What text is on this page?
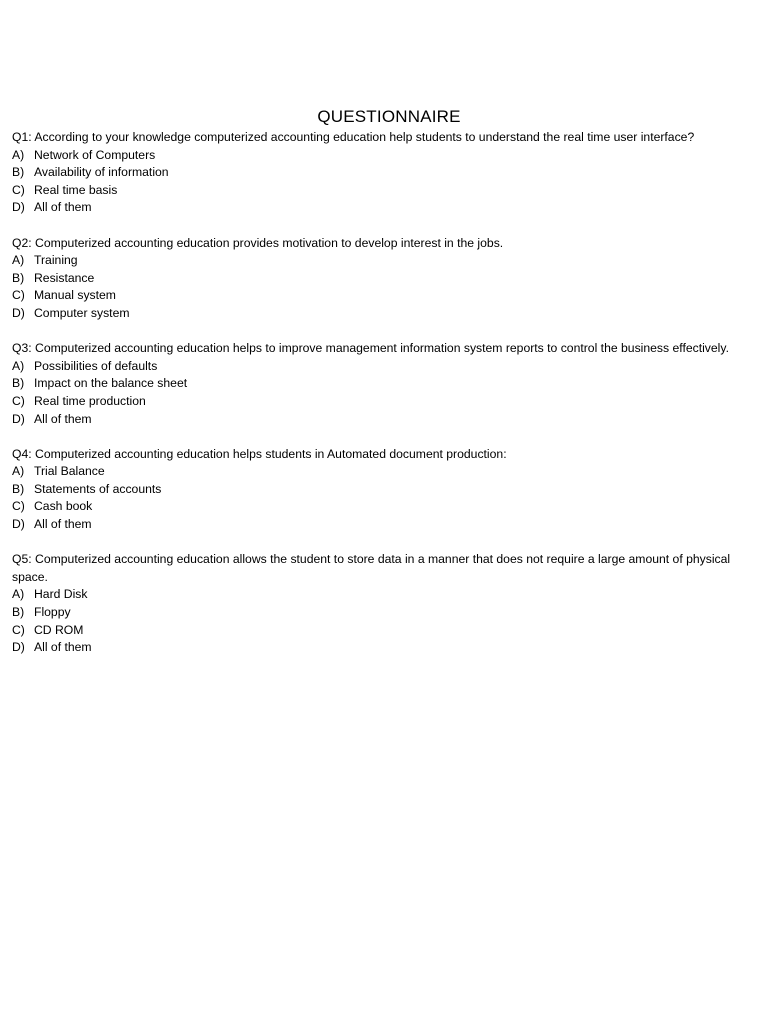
QUESTIONNAIRE

Q1: According to your knowledge computerized accounting education help students to understand the real time user interface?

A) Network of Computers
B) Availability of information
C) Real time basis
D) All of them

Q2: Computerized accounting education provides motivation to develop interest in the jobs.

A) Training
B) Resistance
C) Manual system
D) Computer system

Q3: Computerized accounting education helps to improve management information system reports to control the business effectively.

A) Possibilities of defaults
B) Impact on the balance sheet
C) Real time production
D) All of them

Q4: Computerized accounting education helps students in Automated document production:

A) Trial Balance
B) Statements of accounts
C) Cash book
D) All of them

Q5: Computerized accounting education allows the student to store data in a manner that does not require a large amount of physical space.

A) Hard Disk
B) Floppy
C) CD ROM
D) All of them
